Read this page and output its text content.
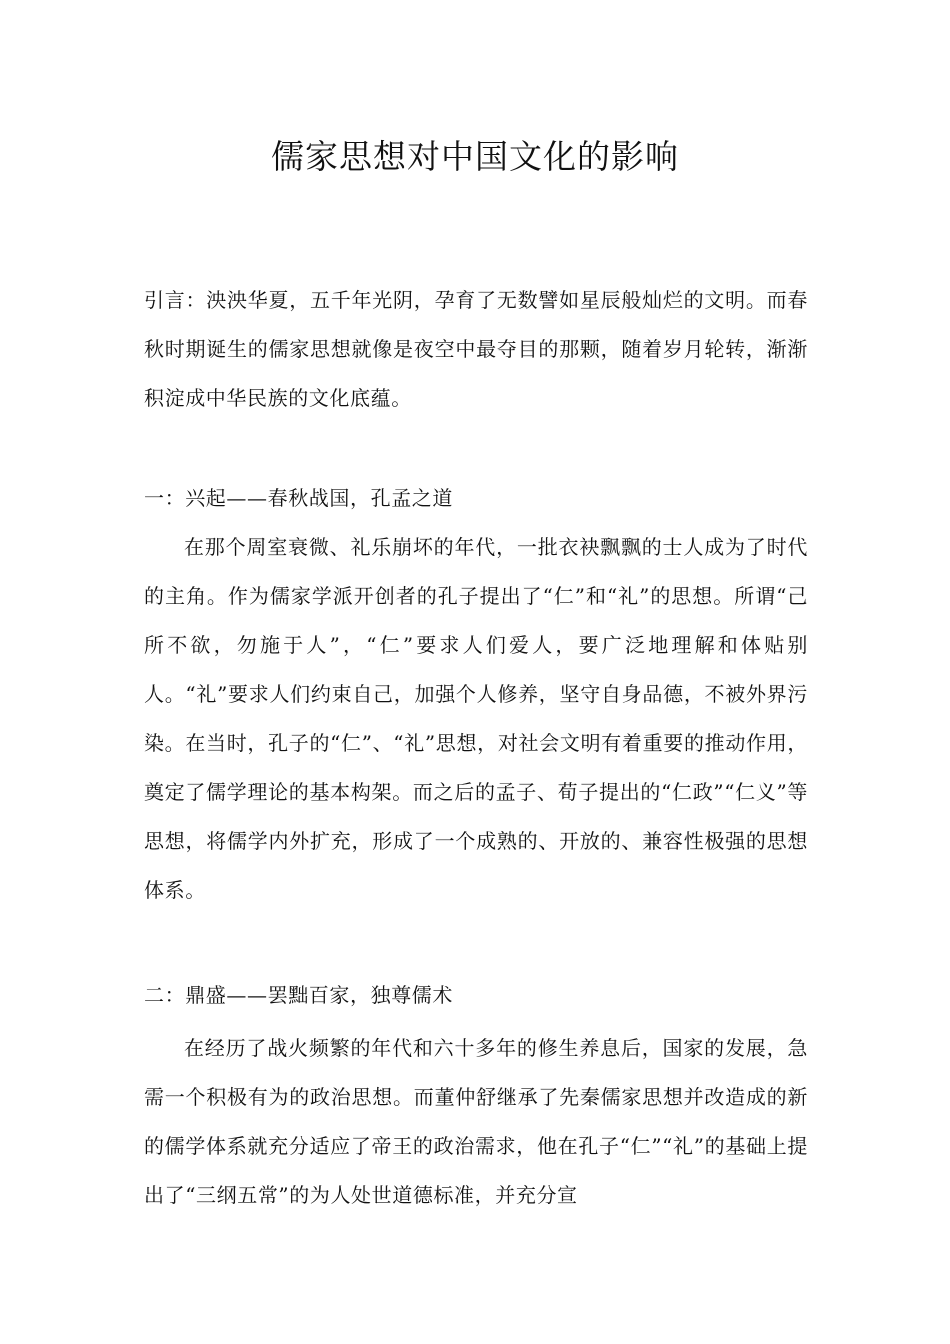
儒家思想对中国文化的影响

引言：泱泱华夏，五千年光阴，孕育了无数譬如星辰般灿烂的文明。而春秋时期诞生的儒家思想就像是夜空中最夺目的那颗，随着岁月轮转，渐渐积淀成中华民族的文化底蕴。

一：兴起——春秋战国，孔孟之道

在那个周室衰微、礼乐崩坏的年代，一批衣袂飘飘的士人成为了时代的主角。作为儒家学派开创者的孔子提出了“仁”和“礼”的思想。所谓“己所不欲，勿施于人”，“仁”要求人们爱人，要广泛地理解和体贴别人。“礼”要求人们约束自己，加强个人修养，坚守自身品德，不被外界污染。在当时，孔子的“仁”、“礼”思想，对社会文明有着重要的推动作用，奠定了儒学理论的基本构架。而之后的孟子、荀子提出的“仁政”“仁义”等思想，将儒学内外扩充，形成了一个成熟的、开放的、兼容性极强的思想体系。

二：鼎盛——罢黜百家，独尊儒术

在经历了战火频繁的年代和六十多年的修生养息后，国家的发展，急需一个积极有为的政治思想。而董仲舒继承了先秦儒家思想并改造成的新的儒学体系就充分适应了帝王的政治需求，他在孔子“仁”“礼”的基础上提出了“三纲五常”的为人处世道德标准，并充分宣
